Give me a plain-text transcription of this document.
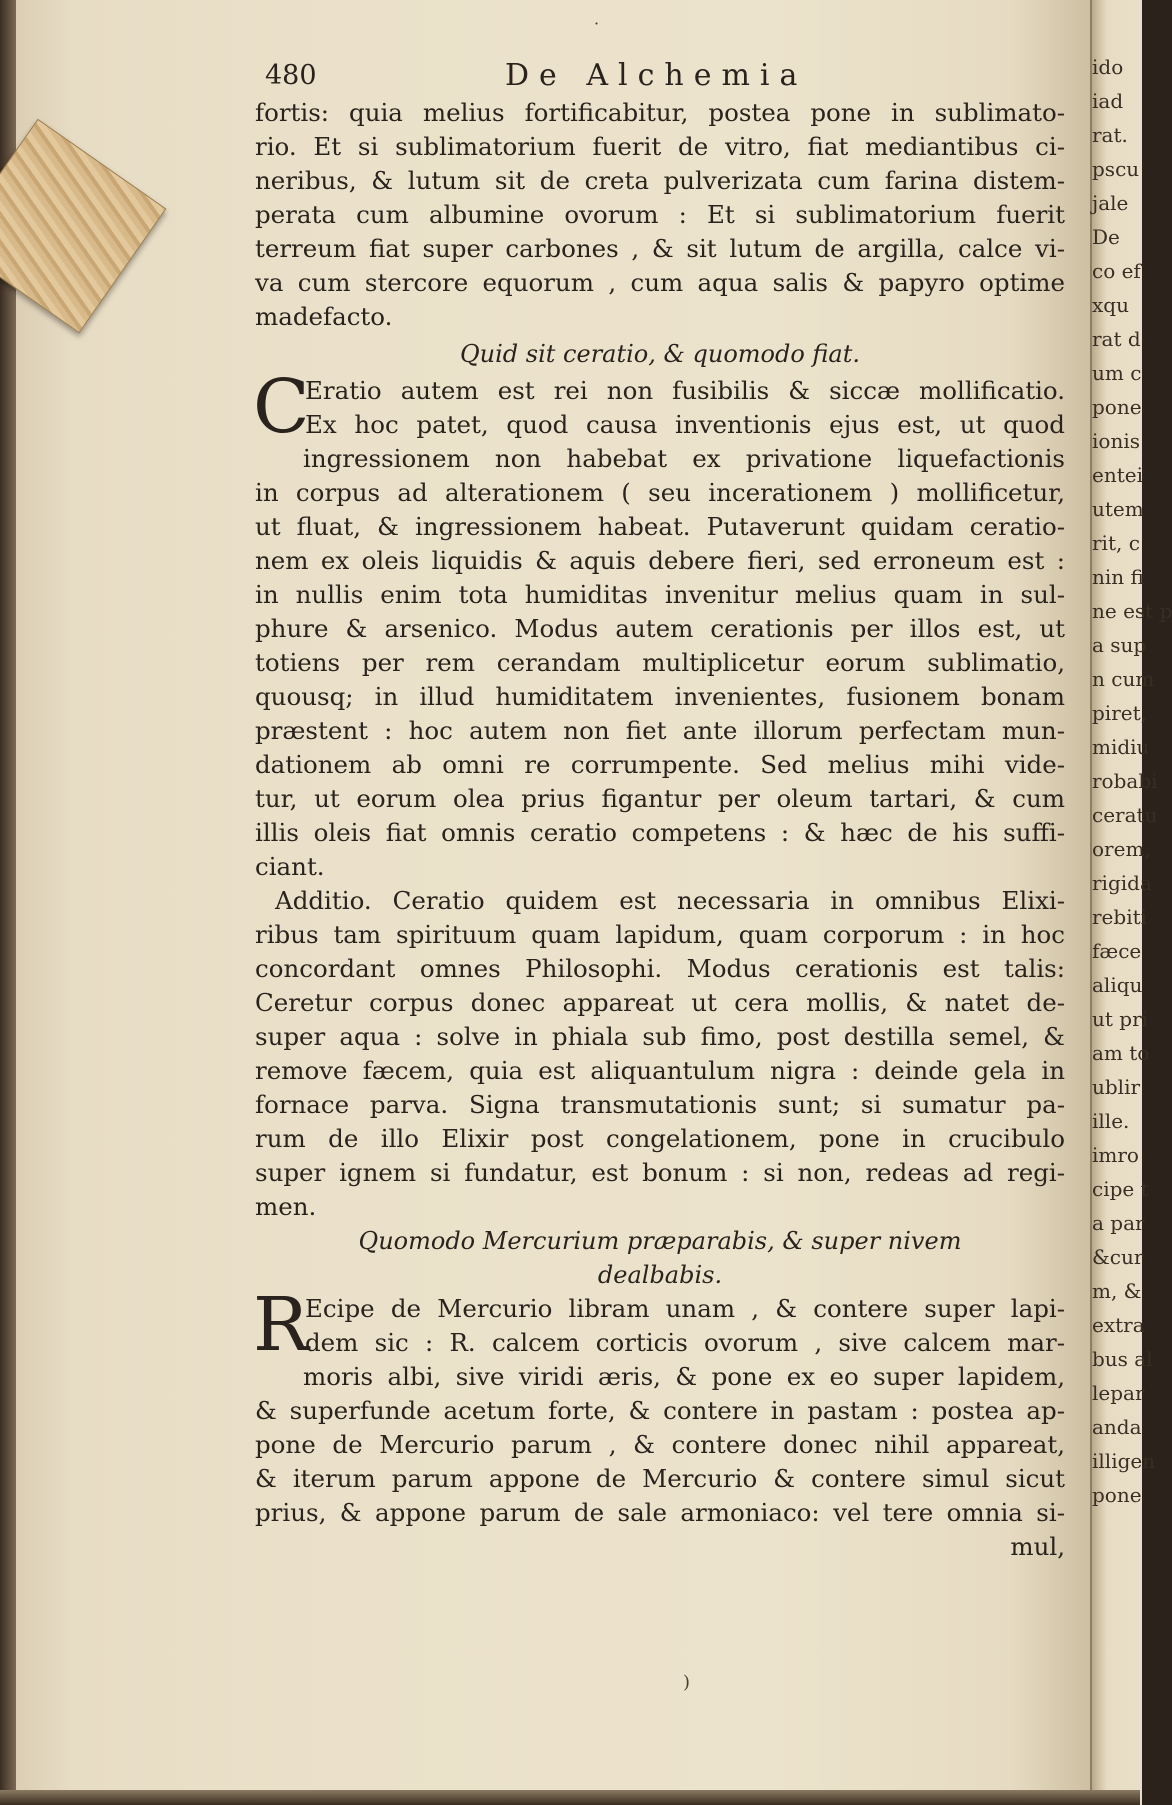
ido
iad
rat.
pscu
jale
De
co ef
xqu
rat d
um c
pone
ionis
entei
utem
rit, c
nin fi
ne est p
a sup
n cum
piret,
midiu
robabi
ceratu
orem,
rigida
rebiti
fæce
aliqu
ut pri
am to
ublir
ille.
imro
cipe t
a par
&cur
m, &
extra
bus al
lepar
anda
illigen
pone
·
480	De Alchemia
fortis: quia melius fortificabitur, postea pone in sublimato-
rio. Et si sublimatorium fuerit de vitro, fiat mediantibus ci-
neribus, & lutum sit de creta pulverizata cum farina distem-
perata cum albumine ovorum : Et si sublimatorium fuerit
terreum fiat super carbones , & sit lutum de argilla, calce vi-
va cum stercore equorum , cum aqua salis & papyro optime
madefacto.
Quid sit ceratio, & quomodo fiat.
C
Eratio autem est rei non fusibilis & siccæ mollificatio.
Ex hoc patet, quod causa inventionis ejus est, ut quod
ingressionem non habebat ex privatione liquefactionis
in corpus ad alterationem ( seu incerationem ) mollificetur,
ut fluat, & ingressionem habeat. Putaverunt quidam ceratio-
nem ex oleis liquidis & aquis debere fieri, sed erroneum est :
in nullis enim tota humiditas invenitur melius quam in sul-
phure & arsenico. Modus autem cerationis per illos est, ut
totiens per rem cerandam multiplicetur eorum sublimatio,
quousq; in illud humiditatem invenientes, fusionem bonam
præstent : hoc autem non fiet ante illorum perfectam mun-
dationem ab omni re corrumpente. Sed melius mihi vide-
tur, ut eorum olea prius figantur per oleum tartari, & cum
illis oleis fiat omnis ceratio competens : & hæc de his suffi-
ciant.
Additio. Ceratio quidem est necessaria in omnibus Elixi-
ribus tam spirituum quam lapidum, quam corporum : in hoc
concordant omnes Philosophi. Modus cerationis est talis:
Ceretur corpus donec appareat ut cera mollis, & natet de-
super aqua : solve in phiala sub fimo, post destilla semel, &
remove fæcem, quia est aliquantulum nigra : deinde gela in
fornace parva. Signa transmutationis sunt; si sumatur pa-
rum de illo Elixir post congelationem, pone in crucibulo
super ignem si fundatur, est bonum : si non, redeas ad regi-
men.
Quomodo Mercurium præparabis, & super nivem
dealbabis.
R
Ecipe de Mercurio libram unam , & contere super lapi-
dem sic : R. calcem corticis ovorum , sive calcem mar-
moris albi, sive viridi æris, & pone ex eo super lapidem,
& superfunde acetum forte, & contere in pastam : postea ap-
pone de Mercurio parum , & contere donec nihil appareat,
& iterum parum appone de Mercurio & contere simul sicut
prius, & appone parum de sale armoniaco: vel tere omnia si-
mul,
)
